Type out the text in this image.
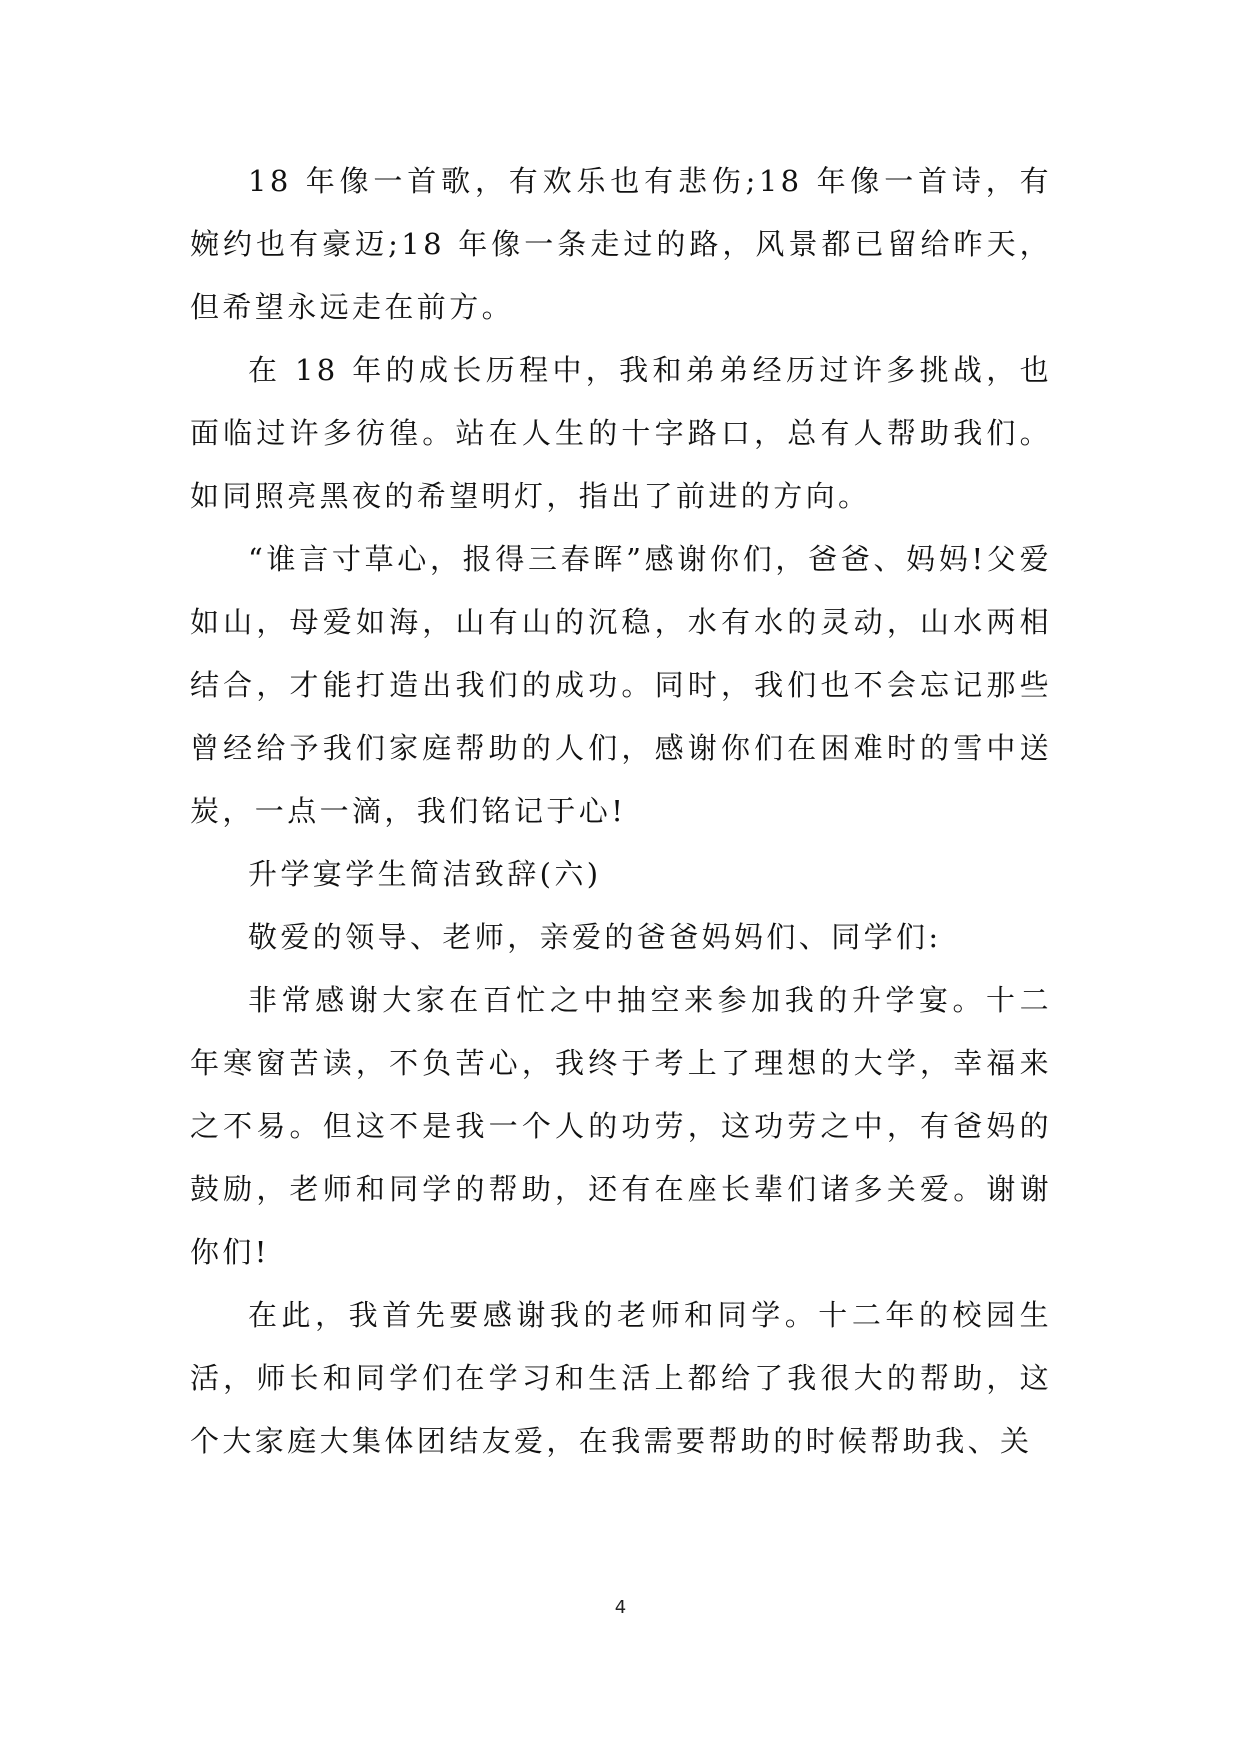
18 年像一首歌，有欢乐也有悲伤;18 年像一首诗，有婉约也有豪迈;18 年像一条走过的路，风景都已留给昨天，但希望永远走在前方。

在 18 年的成长历程中，我和弟弟经历过许多挑战，也面临过许多彷徨。站在人生的十字路口，总有人帮助我们。如同照亮黑夜的希望明灯，指出了前进的方向。

“谁言寸草心，报得三春晖”感谢你们，爸爸、妈妈!父爱如山，母爱如海，山有山的沉稳，水有水的灵动，山水两相结合，才能打造出我们的成功。同时，我们也不会忘记那些曾经给予我们家庭帮助的人们，感谢你们在困难时的雪中送炭，一点一滴，我们铭记于心!

升学宴学生简洁致辞(六)

敬爱的领导、老师，亲爱的爸爸妈妈们、同学们:

非常感谢大家在百忙之中抽空来参加我的升学宴。十二年寒窗苦读，不负苦心，我终于考上了理想的大学，幸福来之不易。但这不是我一个人的功劳，这功劳之中，有爸妈的鼓励，老师和同学的帮助，还有在座长辈们诸多关爱。谢谢你们!

在此，我首先要感谢我的老师和同学。十二年的校园生活，师长和同学们在学习和生活上都给了我很大的帮助，这个大家庭大集体团结友爱，在我需要帮助的时候帮助我、关

4
